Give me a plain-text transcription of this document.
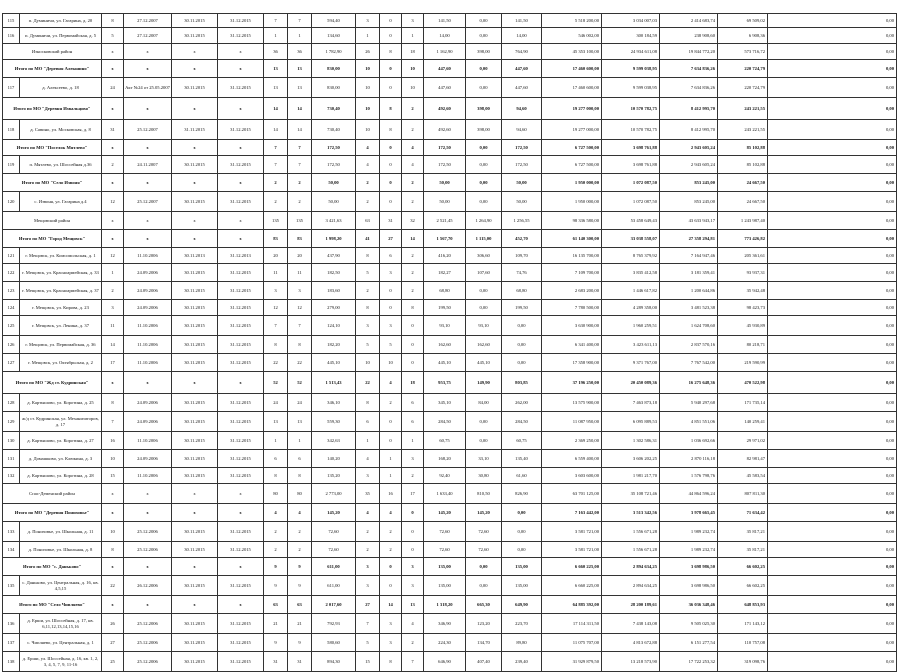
115	п. Думиничи, ул. Гагарина, д. 20	8	27.12.2007	30.11.2015	31.12.2015	7	7	594,40	3	0	3	141,50	0,00	141,50	5 518 200,00	3 034 007,03	2 414 683,74	69 509,02	0,00
116	п. Думиничи, ул. Первомайская, д. 5	5	27.12.2007	30.11.2015	31.12.2015	1	1	134,60	1	0	1	14,00	0,00	14,00	546 002,00	300 184,59	238 908,60	6 908,36	0,00
Износковский район		x	x	x	x	36	36	1 782,90	26	8	18	1 162,90	398,00	764,90	45 353 100,00	24 934 611,08	19 844 772,20	573 716,72	0,00
Итого по МО "Деревня Алекшино"		x	x	x	x	13	13	830,00	10	0	10	447,60	0,00	447,60	17 460 600,00	9 599 038,95	7 634 836,26	220 724,79	0,00
117	д. Алексеево, д. 18	24	Акт №24 от 25.05.2007	30.11.2015	31.12.2015	13	13	830,00	10	0	10	447,60	0,00	447,60	17 460 600,00	9 599 038,95	7 634 836,26	220 724,79	0,00
Итого по МО "Деревня Извальцово"		x	x	x	x	14	14	730,40	10	8	2	492,60	398,00	94,60	19 277 000,00	10 570 782,75	8 412 995,70	243 221,55	0,00
118	д. Савино, ул. Московская, д. 8	31	25.12.2007	31.11.2015	31.12.2015	14	14	730,40	10	8	2	492,60	398,00	94,60	19 277 000,00	10 570 782,75	8 412 995,70	243 221,55	0,00
Итого по МО "Поселок Мятлево"		x	x	x	x	7	7	172,50	4	0	4	172,50	0,00	172,50	6 727 500,00	3 698 761,88	2 943 605,24	85 102,88	0,00
119	п. Мятлево, ул. Шоссейная д.36	2	24.11.2007	30.11.2015	31.12.2015	7	7	172,50	4	0	4	172,50	0,00	172,50	6 727 500,00	3 698 761,88	2 943 605,24	85 102,88	0,00
Итого по МО "Село Извоня"		x	x	x	x	2	2	50,00	2	0	2	50,00	0,00	50,00	1 950 000,00	1 072 087,50	853 245,00	24 667,50	0,00
120	с. Извоня, ул. Гагарина д.4	12	25.12.2007	30.11.2015	31.12.2015	2	2	50,00	2	0	2	50,00	0,00	50,00	1 950 000,00	1 072 087,50	853 245,00	24 667,50	0,00
Мещовский район		x	x	x	x	135	135	3 421,63	63	31	32	2 521,45	1 264,90	1 256,55	98 336 580,00	53 458 649,43	43 633 943,17	1 243 987,40	0,00
Итого по МО "Город Мещовск"		x	x	x	x	83	83	1 998,20	41	27	14	1 567,70	1 115,00	452,70	61 140 300,00	33 038 558,07	27 358 294,81	773 426,82	0,00
121	г. Мещовск, ул. Комсомольская, д. 1	12	11.10.2006	30.11.2013	31.12.2013	20	20	437,90	8	6	2	416,20	306,60	109,70	16 135 700,00	8 765 379,92	7 164 947,46	205 361,61	0,00
122	г. Мещовск, ул. Красноармейская, д. 33	1	24.09.2006	30.11.2015	31.12.2015	11	11	182,50	5	3	2	182,27	107,60	74,76	7 109 700,00	3 835 412,58	3 181 359,41	93 937,31	0,00
123	г. Мещовск, ул. Красноармейская, д. 37	2	24.09.2006	30.11.2015	31.12.2015	3	3	183,60	2	0	2	68,80	0,00	68,80	2 683 200,00	1 446 617,82	1 200 644,86	35 942,48	0,00
124	г. Мещовск, ул. Кирова, д. 23	3	24.09.2006	30.11.2015	31.12.2015	12	12	279,00	8	0	8	199,50	0,00	199,50	7 780 500,00	4 289 358,00	3 481 523,38	98 423,73	0,00
125	г. Мещовск, ул. Ленина, д. 37	11	11.10.2006	30.11.2015	31.12.2015	7	7	124,10	3	3	0	93,10	93,10	0,00	3 630 900,00	1 960 259,51	1 624 708,60	45 930,89	0,00
126	г. Мещовск, ул. Первомайская, д. 36	14	11.10.2006	30.11.2015	31.12.2015	8	8	182,20	5	5	0	162,60	162,60	0,00	6 341 400,00	3 423 611,13	2 837 570,16	80 218,71	0,00
127	г. Мещовск, ул. Октябрьская, д. 2	17	11.10.2006	30.11.2015	31.12.2015	22	22	445,10	10	10	0	445,10	445,10	0,00	17 358 900,00	9 371 767,00	7 767 542,00	219 590,99	0,00
Итого по МО "Жд ст. Кудринская"		x	x	x	x	52	52	1 513,43	22	4	18	953,75	149,90	803,85	37 196 250,00	20 450 089,36	16 275 648,36	470 522,98	0,00
128	д. Картышово, ул. Коротина, д. 25	8	24.09.2006	30.11.2015	31.12.2015	24	24	346,10	8	2	6	345,10	84,00	262,00	13 575 900,00	7 463 873,18	5 940 297,68	171 735,14	0,00
129	ж/д ст. Кудринская, ул. Механизаторов, д. 17	7	24.09.2006	30.11.2015	31.12.2015	13	13	559,30	6	0	6	284,50	0,00	284,50	11 087 950,00	6 095 889,53	4 851 551,06	140 259,41	0,00
130	д. Картышово, ул. Коротина, д. 27	16	11.10.2006	30.11.2015	31.12.2015	1	1	342,63	1	0	1	60,75	0,00	60,75	2 369 250,00	1 302 586,31	1 036 692,66	29 971,02	0,00
131	д. Домашково, ул. Клюкина, д. 3	10	24.09.2006	30.11.2015	31.12.2015	6	6	140,20	4	1	3	168,20	33,10	135,40	6 559 400,00	3 606 202,25	2 870 116,18	82 981,47	0,00
132	д. Картышово, ул. Коротина, д. 28	15	11.10.2006	30.11.2015	31.12.2015	8	8	135,20	3	1	2	92,40	30,80	61,60	3 603 600,00	1 981 217,70	1 576 798,76	45 583,54	0,00
Спас-Деменский район		x	x	x	x	80	80	2 773,00	35	16	17	1 633,40	810,50	826,90	63 701 125,00	35 108 721,46	44 864 596,24	807 811,30	0,00
Итого по МО "Деревня Понизовье"		x	x	x	x	4	4	145,20	4	4	0	145,20	145,20	0,00	7 163 442,00	3 513 342,56	3 978 665,45	71 634,42	0,00
133	д. Понизовье, ул. Школьная, д. 11	10	25.12.2006	30.11.2015	31.12.2015	2	2	72,60	2	2	0	72,60	72,60	0,00	3 581 721,00	1 556 671,28	1 989 232,74	35 817,21	0,00
134	д. Понизовье, ул. Школьная, д. 8	8	25.12.2006	30.11.2015	31.12.2015	2	2	72,60	2	2	0	72,60	72,60	0,00	3 581 721,00	1 556 671,28	1 989 232,74	35 817,21	0,00
Итого по МО "с. Даньково"		x	x	x	x	9	9	611,00	3	0	3	135,00	0,00	135,00	6 660 225,00	2 894 634,25	3 698 986,50	66 602,25	0,00
135	с. Даньково, ул. Центральная, д. 16, кв. 4,5,15	22	26.12.2006	30.11.2015	31.12.2015	9	9	611,00	3	0	3	135,00	0,00	135,00	6 660 225,00	2 894 634,25	3 698 986,50	66 602,25	0,00
Итого по МО "Село Чипляево"		x	x	x	x	63	63	2 017,60	27	14	13	1 318,20	665,30	649,90	64 885 392,00	28 200 189,61	36 036 348,46	648 853,93	0,00
136	д. Ерши, ул. Шоссейная, д. 17, кв. 6,11,12,13,14,15,16	26	25.12.2006	30.11.2015	31.12.2015	21	21	792,93	7	3	4	346,90	123,20	223,70	17 114 311,50	7 438 143,08	9 505 025,30	171 143,12	0,00
137	с. Чипляево, ул. Центральная, д. 1	27	25.12.2006	30.11.2015	31.12.2015	9	9	580,60	5	3	2	224,30	134,70	89,80	11 075 707,00	4 813 672,88	6 151 277,54	110 757,08	0,00
138	д. Ерши, ул. Шоссейная, д. 16, кв. 1, 2, 3, 4, 5, 7, 9, 11-16	25	25.12.2006	30.11.2015	31.12.2015	31	31	894,30	15	8	7	646,90	407,40	239,40	31 929 879,50	13 218 573,90	17 722 253,32	319 098,76	0,00
